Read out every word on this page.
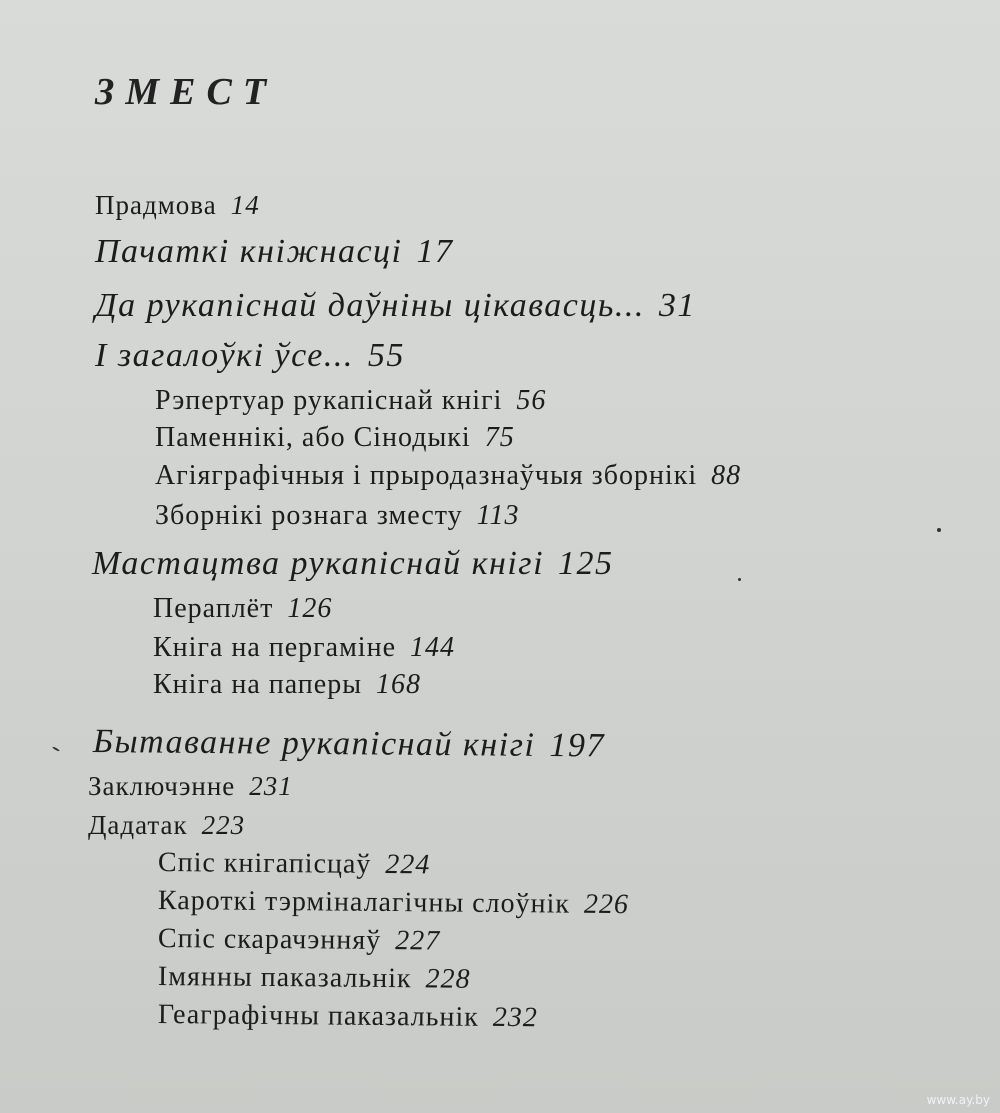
ЗМЕСТ
Прадмова 14
Пачаткі кніжнасці 17
Да рукапіснай даўніны цікавасць... 31
І загалоўкі ўсе... 55
Рэпертуар рукапіснай кнігі 56
Паменнікі, або Сінодыкі 75
Агіяграфічныя і прыродазнаўчыя зборнікі 88
Зборнікі рознага зместу 113
Мастацтва рукапіснай кнігі 125
Пераплёт 126
Кніга на пергаміне 144
Кніга на паперы 168
Бытаванне рукапіснай кнігі 197
Заключэнне 231
Дадатак 223
Спіс кнігапісцаў 224
Кароткі тэрміналагічны слоўнік 226
Спіс скарачэнняў 227
Імянны паказальнік 228
Геаграфічны паказальнік 232
www.ay.by
